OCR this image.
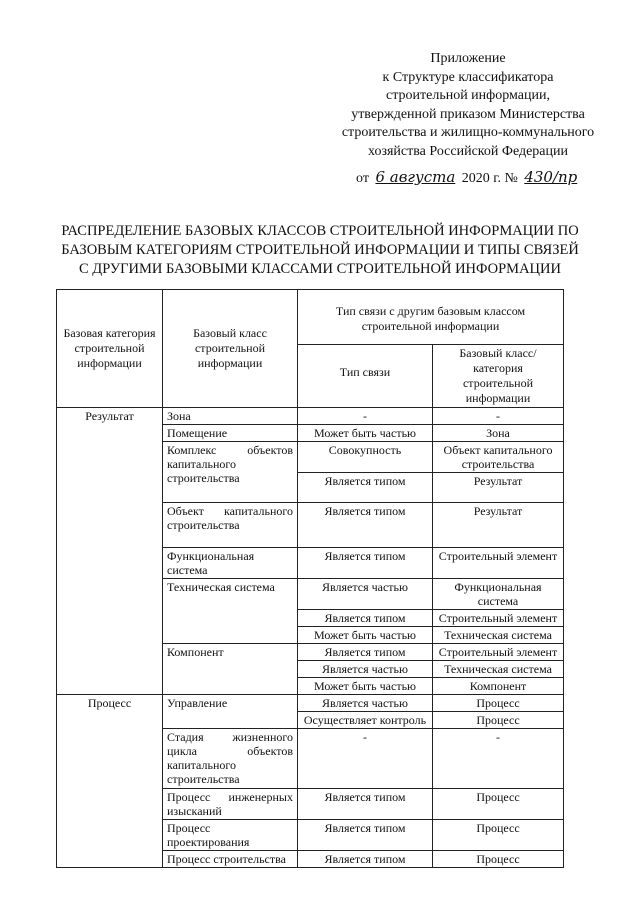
Приложение
к Структуре классификатора
строительной информации,
утвержденной приказом Министерства
строительства и жилищно-коммунального
хозяйства Российской Федерации
от 6 августа 2020 г. № 430/пр
РАСПРЕДЕЛЕНИЕ БАЗОВЫХ КЛАССОВ СТРОИТЕЛЬНОЙ ИНФОРМАЦИИ ПО
БАЗОВЫМ КАТЕГОРИЯМ СТРОИТЕЛЬНОЙ ИНФОРМАЦИИ И ТИПЫ СВЯЗЕЙ
С ДРУГИМИ БАЗОВЫМИ КЛАССАМИ СТРОИТЕЛЬНОЙ ИНФОРМАЦИИ
Базовая категория строительной информации	Базовый класс строительной информации	Тип связи с другим базовым классом строительной информации	
		Тип связи	Базовый класс/категория строительной информации
Результат	Зона	-	-
	Помещение	Может быть частью	Зона
	Комплекс объектов капитального строительства	Совокупность	Объект капитального строительства
		Является типом	Результат
	Объект капитального строительства	Является типом	Результат
	Функциональная система	Является типом	Строительный элемент
	Техническая система	Является частью	Функциональная система
		Является типом	Строительный элемент
		Может быть частью	Техническая система
	Компонент	Является типом	Строительный элемент
		Является частью	Техническая система
		Может быть частью	Компонент
Процесс	Управление	Является частью	Процесс
		Осуществляет контроль	Процесс
	Стадия жизненного цикла объектов капитального строительства	-	-
	Процесс инженерных изысканий	Является типом	Процесс
	Процесс проектирования	Является типом	Процесс
	Процесс строительства	Является типом	Процесс
